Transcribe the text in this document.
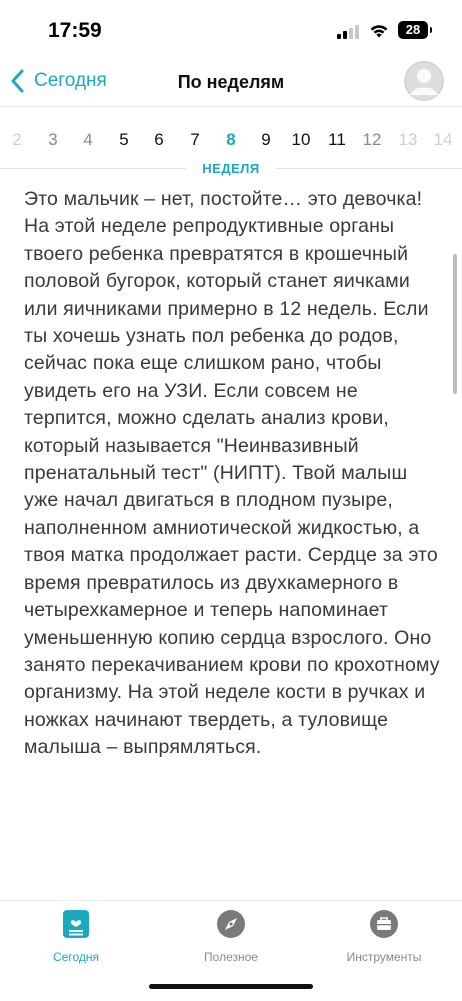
17:59	28
Сегодня	По неделям
2	3	4	5	6	7	8	9	10	11 12	13 14
НЕДЕЛЯ
Это мальчик – нет, постойте… это девочка! На этой неделе репродуктивные органы твоего ребенка превратятся в крошечный половой бугорок, который станет яичками или яичниками примерно в 12 недель. Если ты хочешь узнать пол ребенка до родов, сейчас пока еще слишком рано, чтобы увидеть его на УЗИ. Если совсем не терпится, можно сделать анализ крови, который называется "Неинвазивный пренатальный тест" (НИПТ). Твой малыш уже начал двигаться в плодном пузыре, наполненном амниотической жидкостью, а твоя матка продолжает расти. Сердце за это время превратилось из двухкамерного в четырехкамерное и теперь напоминает уменьшенную копию сердца взрослого. Оно занято перекачиванием крови по крохотному организму. На этой неделе кости в ручках и ножках начинают твердеть, а туловище малыша – выпрямляться.
Сегодня	Полезное	Инструменты
